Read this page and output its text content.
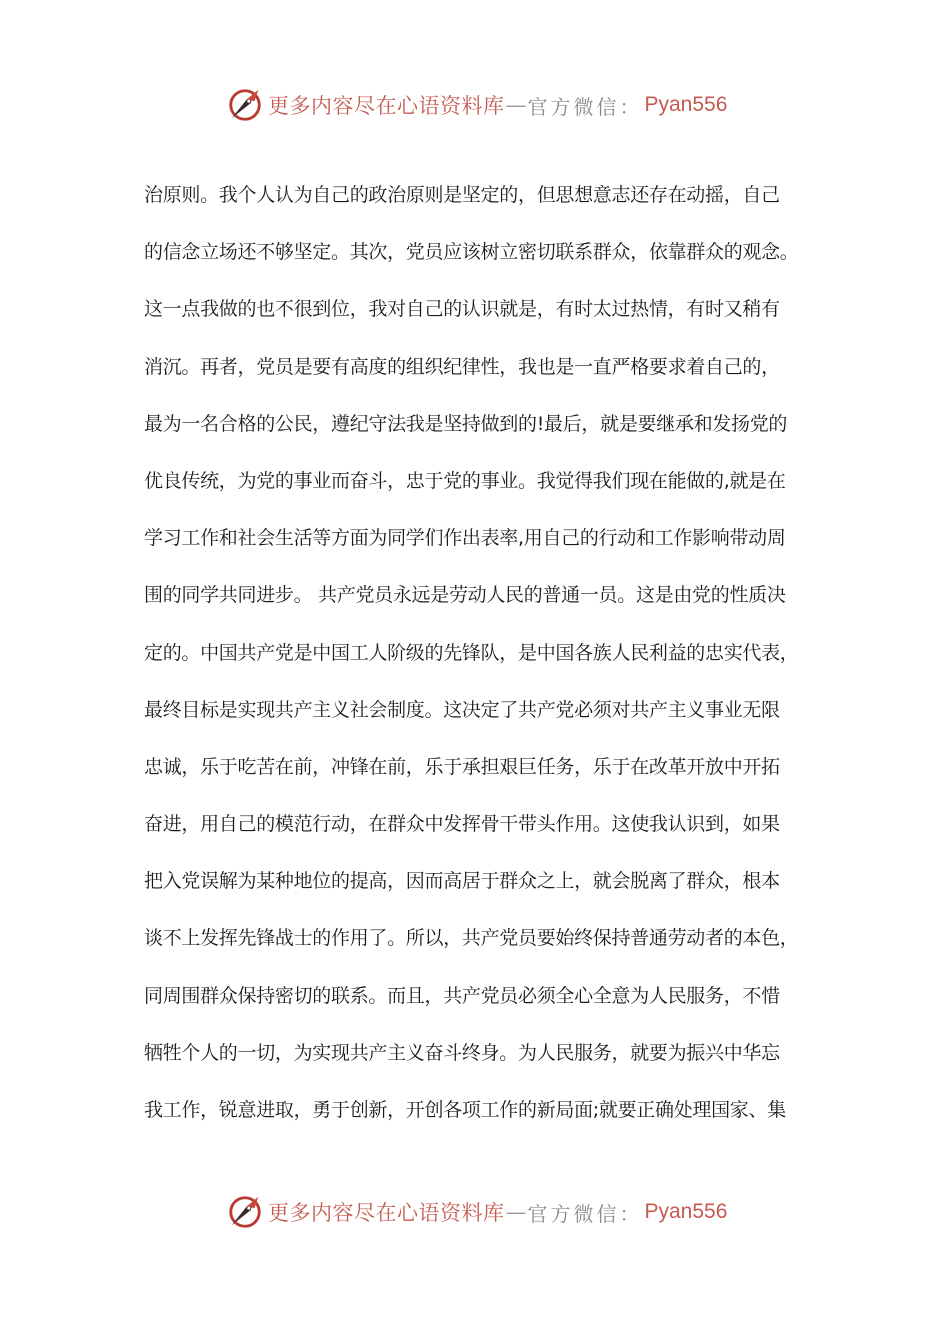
更多内容尽在心语资料库 — 官方微信： Pyan556
治原则。我个人认为自己的政治原则是坚定的，但思想意志还存在动摇，自己
的信念立场还不够坚定。其次，党员应该树立密切联系群众，依靠群众的观念。
这一点我做的也不很到位，我对自己的认识就是，有时太过热情，有时又稍有
消沉。再者，党员是要有高度的组织纪律性，我也是一直严格要求着自己的，
最为一名合格的公民，遵纪守法我是坚持做到的!最后，就是要继承和发扬党的
优良传统，为党的事业而奋斗，忠于党的事业。我觉得我们现在能做的,就是在
学习工作和社会生活等方面为同学们作出表率,用自己的行动和工作影响带动周
围的同学共同进步。 共产党员永远是劳动人民的普通一员。这是由党的性质决
定的。中国共产党是中国工人阶级的先锋队，是中国各族人民利益的忠实代表，
最终目标是实现共产主义社会制度。这决定了共产党必须对共产主义事业无限
忠诚，乐于吃苦在前，冲锋在前，乐于承担艰巨任务，乐于在改革开放中开拓
奋进，用自己的模范行动，在群众中发挥骨干带头作用。这使我认识到，如果
把入党误解为某种地位的提高，因而高居于群众之上，就会脱离了群众，根本
谈不上发挥先锋战士的作用了。所以，共产党员要始终保持普通劳动者的本色，
同周围群众保持密切的联系。而且，共产党员必须全心全意为人民服务，不惜
牺牲个人的一切，为实现共产主义奋斗终身。为人民服务，就要为振兴中华忘
我工作，锐意进取，勇于创新，开创各项工作的新局面;就要正确处理国家、集
更多内容尽在心语资料库 — 官方微信： Pyan556
